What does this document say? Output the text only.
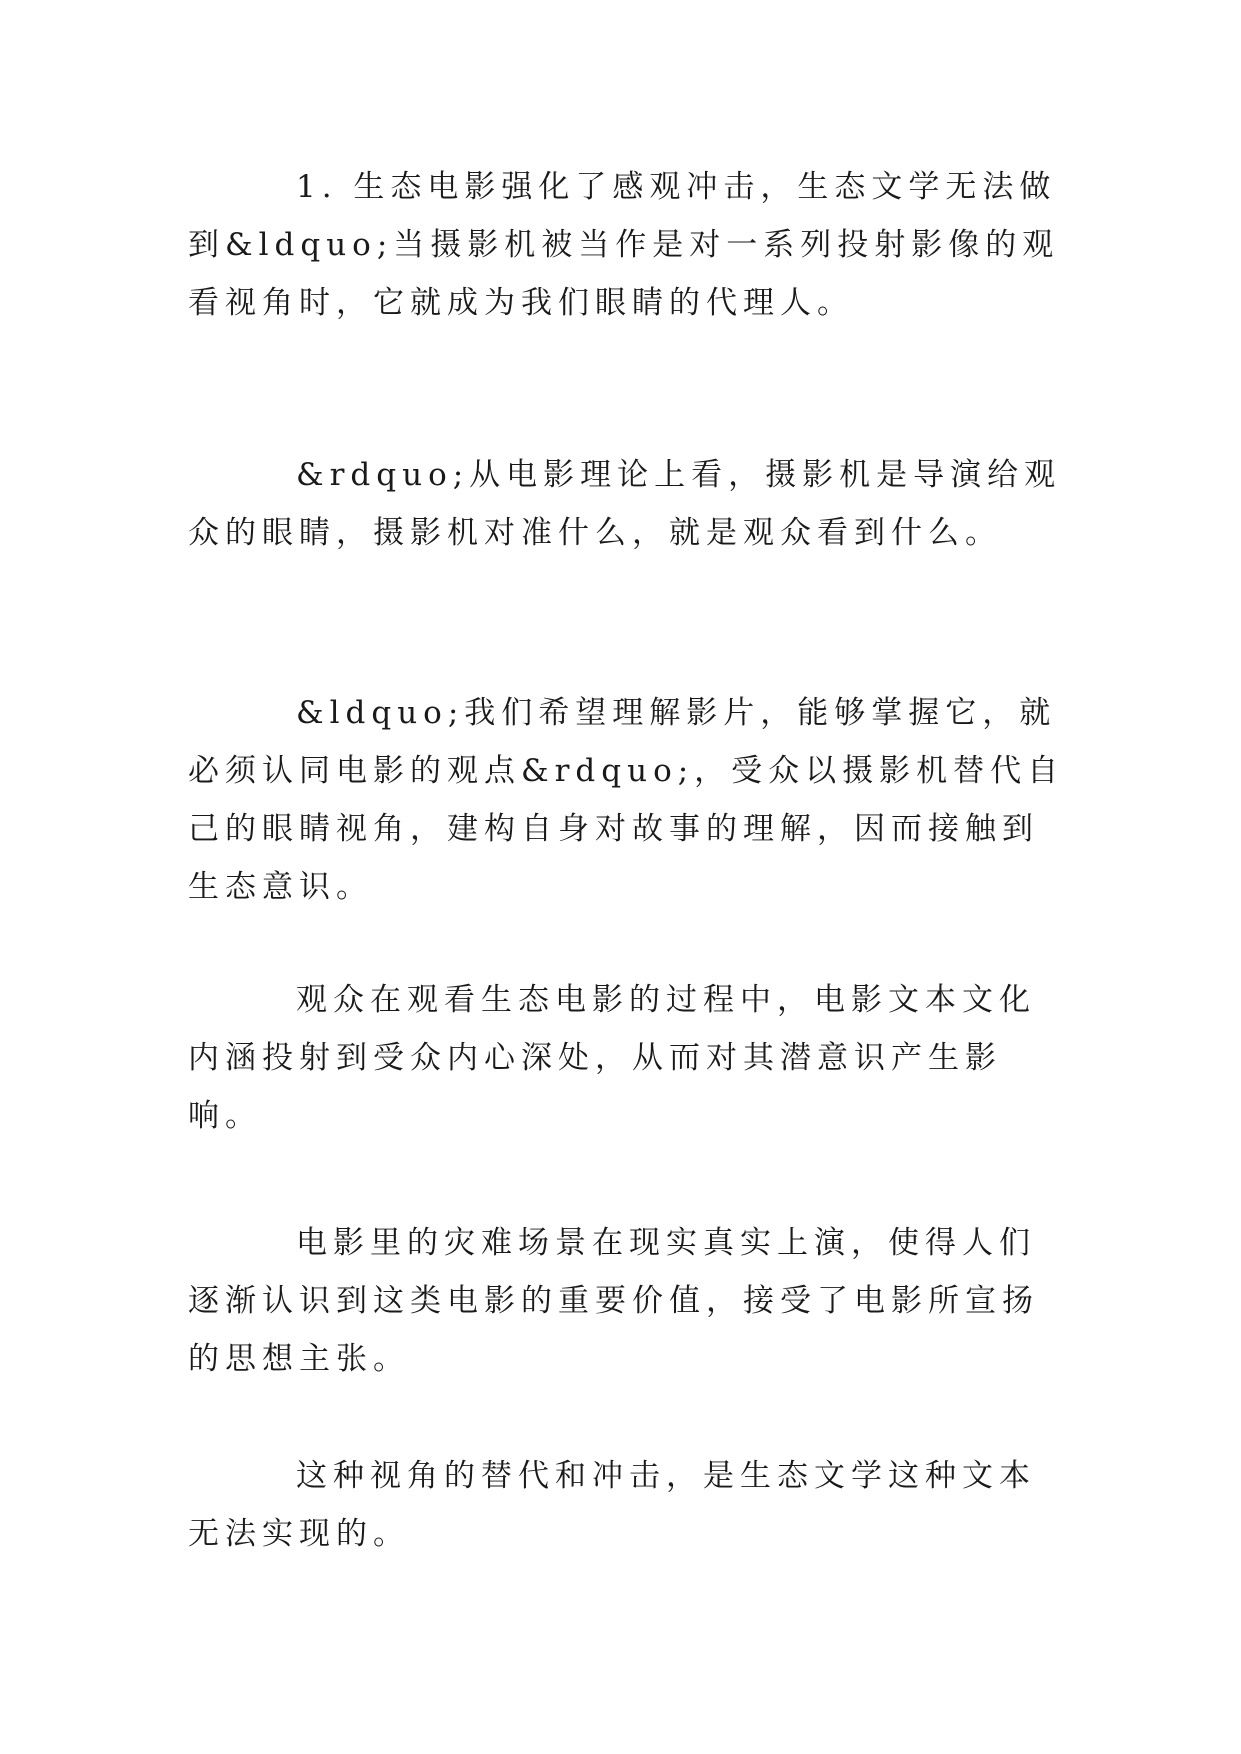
1. 生态电影强化了感观冲击，生态文学无法做到&ldquo;当摄影机被当作是对一系列投射影像的观看视角时，它就成为我们眼睛的代理人。

&rdquo;从电影理论上看，摄影机是导演给观众的眼睛，摄影机对准什么，就是观众看到什么。

&ldquo;我们希望理解影片，能够掌握它，就必须认同电影的观点&rdquo;，受众以摄影机替代自己的眼睛视角，建构自身对故事的理解，因而接触到生态意识。

观众在观看生态电影的过程中，电影文本文化内涵投射到受众内心深处，从而对其潜意识产生影响。

电影里的灾难场景在现实真实上演，使得人们逐渐认识到这类电影的重要价值，接受了电影所宣扬的思想主张。

这种视角的替代和冲击，是生态文学这种文本无法实现的。
